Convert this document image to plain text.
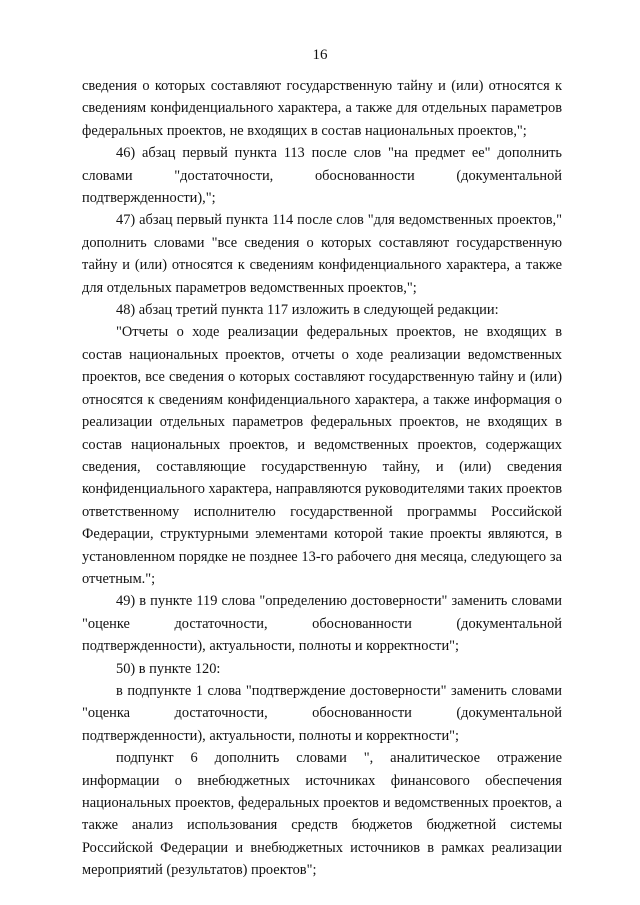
16

сведения о которых составляют государственную тайну и (или) относятся к сведениям конфиденциального характера, а также для отдельных параметров федеральных проектов, не входящих в состав национальных проектов,";

46) абзац первый пункта 113 после слов "на предмет ее" дополнить словами "достаточности, обоснованности (документальной подтвержденности),";

47) абзац первый пункта 114 после слов "для ведомственных проектов," дополнить словами "все сведения о которых составляют государственную тайну и (или) относятся к сведениям конфиденциального характера, а также для отдельных параметров ведомственных проектов,";

48) абзац третий пункта 117 изложить в следующей редакции:

"Отчеты о ходе реализации федеральных проектов, не входящих в состав национальных проектов, отчеты о ходе реализации ведомственных проектов, все сведения о которых составляют государственную тайну и (или) относятся к сведениям конфиденциального характера, а также информация о реализации отдельных параметров федеральных проектов, не входящих в состав национальных проектов, и ведомственных проектов, содержащих сведения, составляющие государственную тайну, и (или) сведения конфиденциального характера, направляются руководителями таких проектов ответственному исполнителю государственной программы Российской Федерации, структурными элементами которой такие проекты являются, в установленном порядке не позднее 13-го рабочего дня месяца, следующего за отчетным.";

49) в пункте 119 слова "определению достоверности" заменить словами "оценке достаточности, обоснованности (документальной подтвержденности), актуальности, полноты и корректности";

50) в пункте 120:

в подпункте 1 слова "подтверждение достоверности" заменить словами "оценка достаточности, обоснованности (документальной подтвержденности), актуальности, полноты и корректности";

подпункт 6 дополнить словами ", аналитическое отражение информации о внебюджетных источниках финансового обеспечения национальных проектов, федеральных проектов и ведомственных проектов, а также анализ использования средств бюджетов бюджетной системы Российской Федерации и внебюджетных источников в рамках реализации мероприятий (результатов) проектов";
